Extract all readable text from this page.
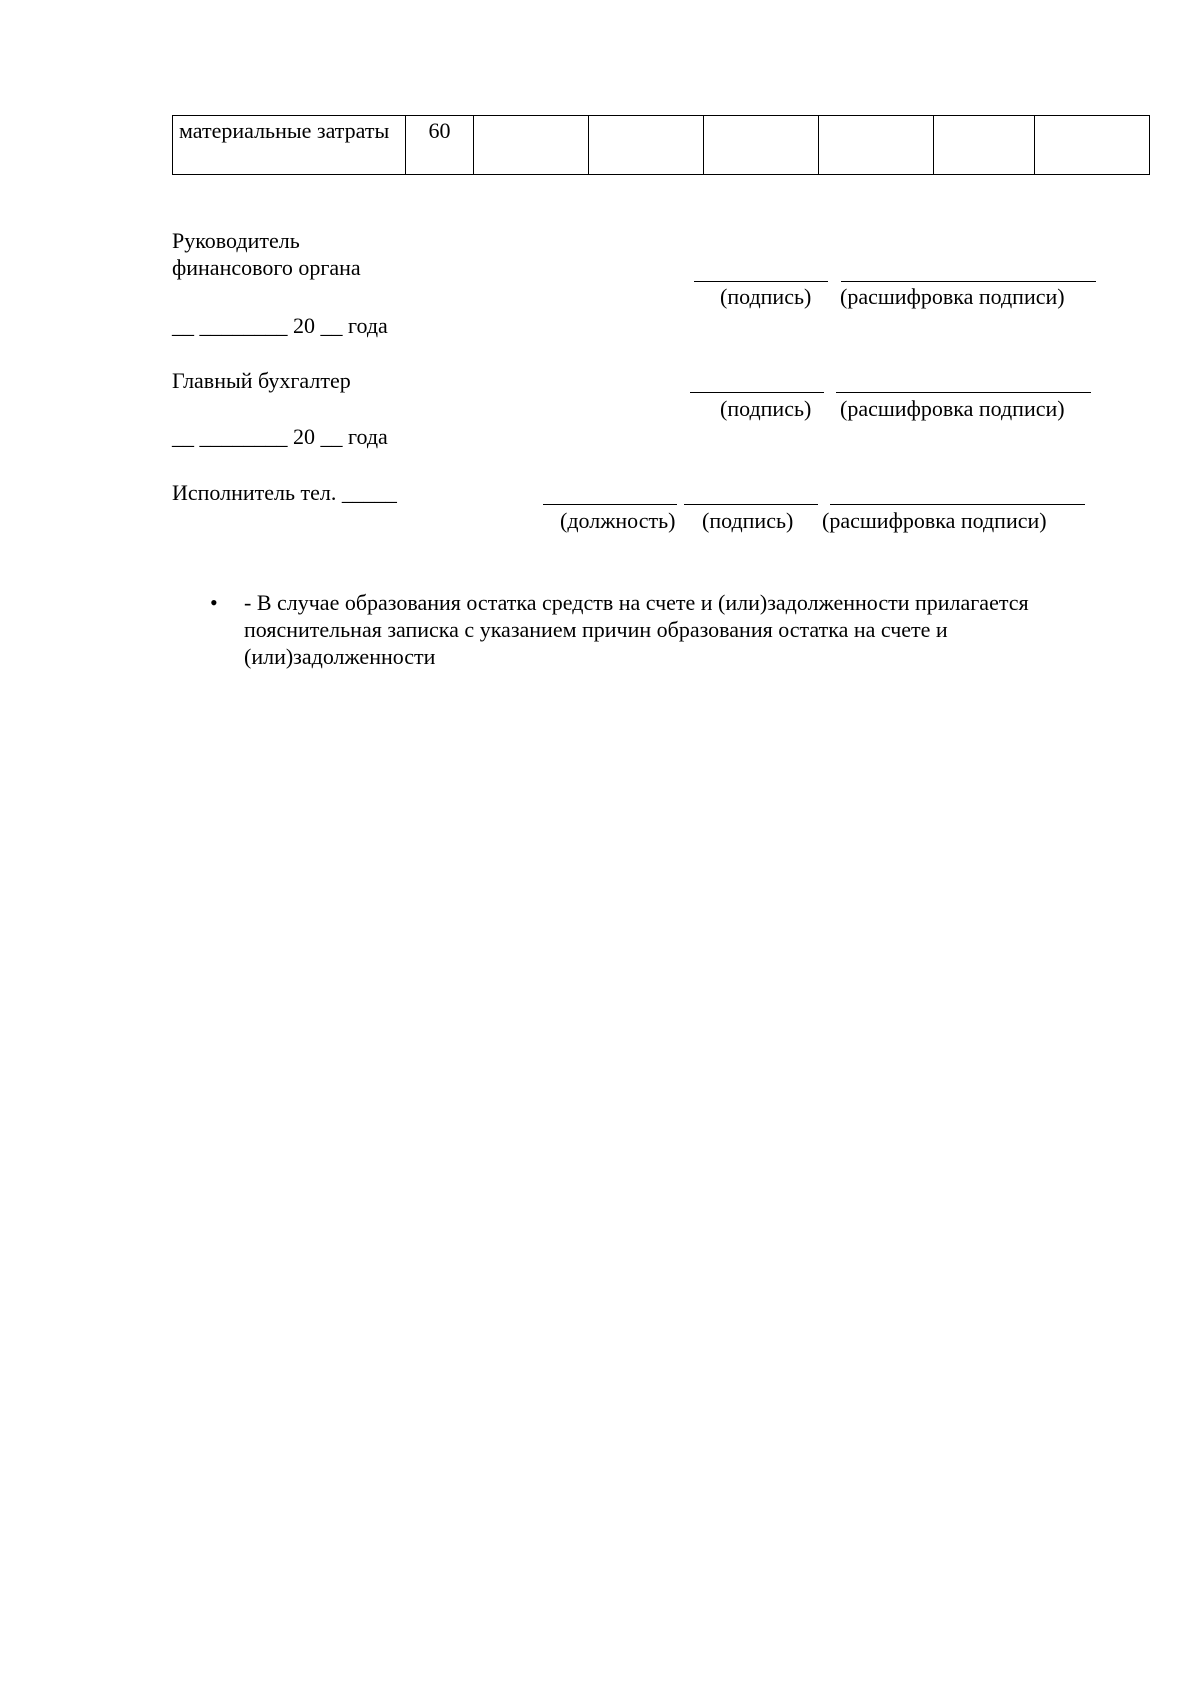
материальные затраты	60						
Руководитель финансового органа
(подпись) (расшифровка подписи)
__ ________ 20 __ года
Главный бухгалтер
(подпись) (расшифровка подписи)
__ ________ 20 __ года
Исполнитель тел. _____
(должность) (подпись) (расшифровка подписи)
• - В случае образования остатка средств на счете и (или)задолженности прилагается пояснительная записка с указанием причин образования остатка на счете и (или)задолженности
